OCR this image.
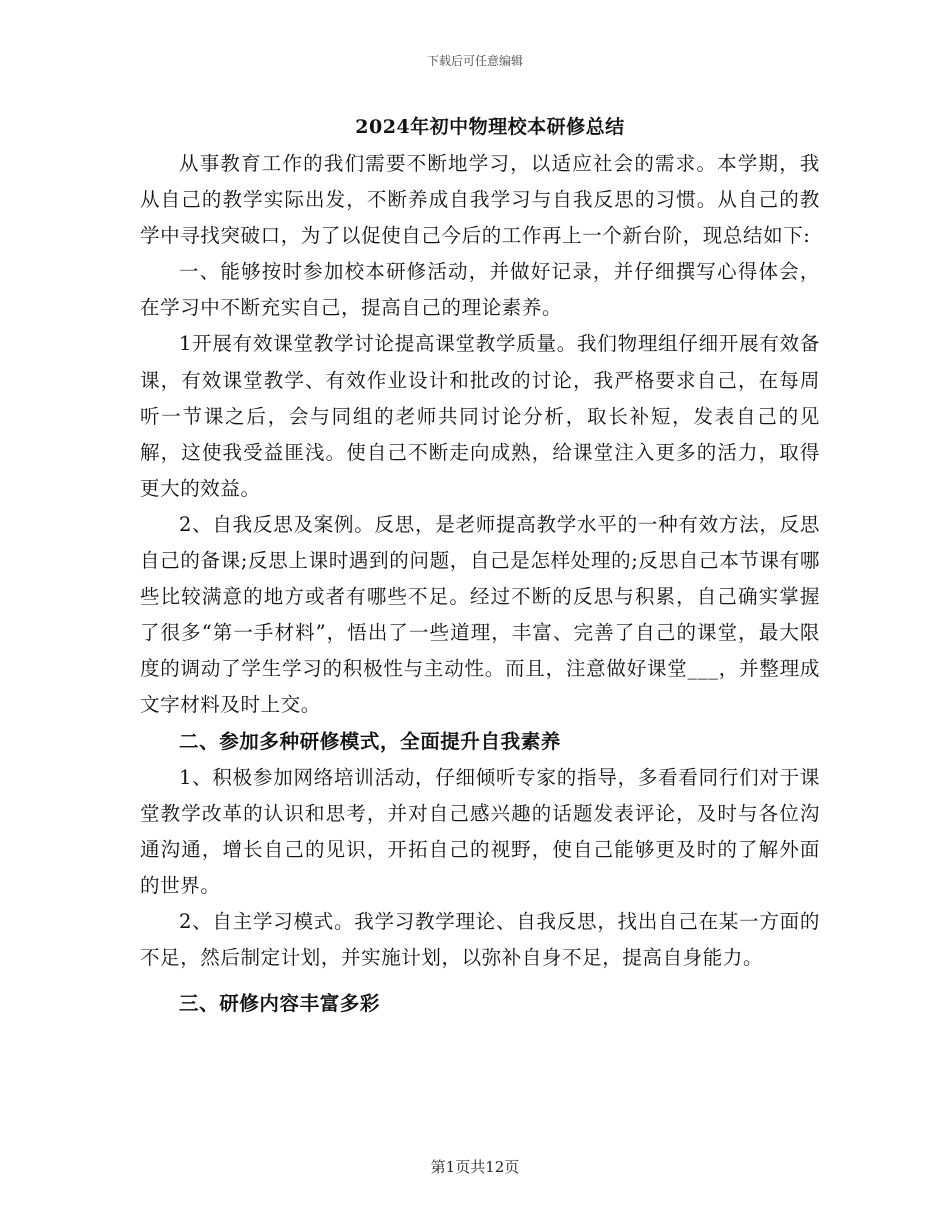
下载后可任意编辑
2024年初中物理校本研修总结

从事教育工作的我们需要不断地学习，以适应社会的需求。本学期，我从自己的教学实际出发，不断养成自我学习与自我反思的习惯。从自己的教学中寻找突破口，为了以促使自己今后的工作再上一个新台阶，现总结如下:

一、能够按时参加校本研修活动，并做好记录，并仔细撰写心得体会，在学习中不断充实自己，提高自己的理论素养。

1开展有效课堂教学讨论提高课堂教学质量。我们物理组仔细开展有效备课，有效课堂教学、有效作业设计和批改的讨论，我严格要求自己，在每周听一节课之后，会与同组的老师共同讨论分析，取长补短，发表自己的见解，这使我受益匪浅。使自己不断走向成熟，给课堂注入更多的活力，取得更大的效益。

2、自我反思及案例。反思，是老师提高教学水平的一种有效方法，反思自己的备课;反思上课时遇到的问题，自己是怎样处理的;反思自己本节课有哪些比较满意的地方或者有哪些不足。经过不断的反思与积累，自己确实掌握了很多“第一手材料”，悟出了一些道理，丰富、完善了自己的课堂，最大限度的调动了学生学习的积极性与主动性。而且，注意做好课堂___，并整理成文字材料及时上交。

二、参加多种研修模式，全面提升自我素养

1、积极参加网络培训活动，仔细倾听专家的指导，多看看同行们对于课堂教学改革的认识和思考，并对自己感兴趣的话题发表评论，及时与各位沟通沟通，增长自己的见识，开拓自己的视野，使自己能够更及时的了解外面的世界。

2、自主学习模式。我学习教学理论、自我反思，找出自己在某一方面的不足，然后制定计划，并实施计划，以弥补自身不足，提高自身能力。

三、研修内容丰富多彩

第1页共12页
